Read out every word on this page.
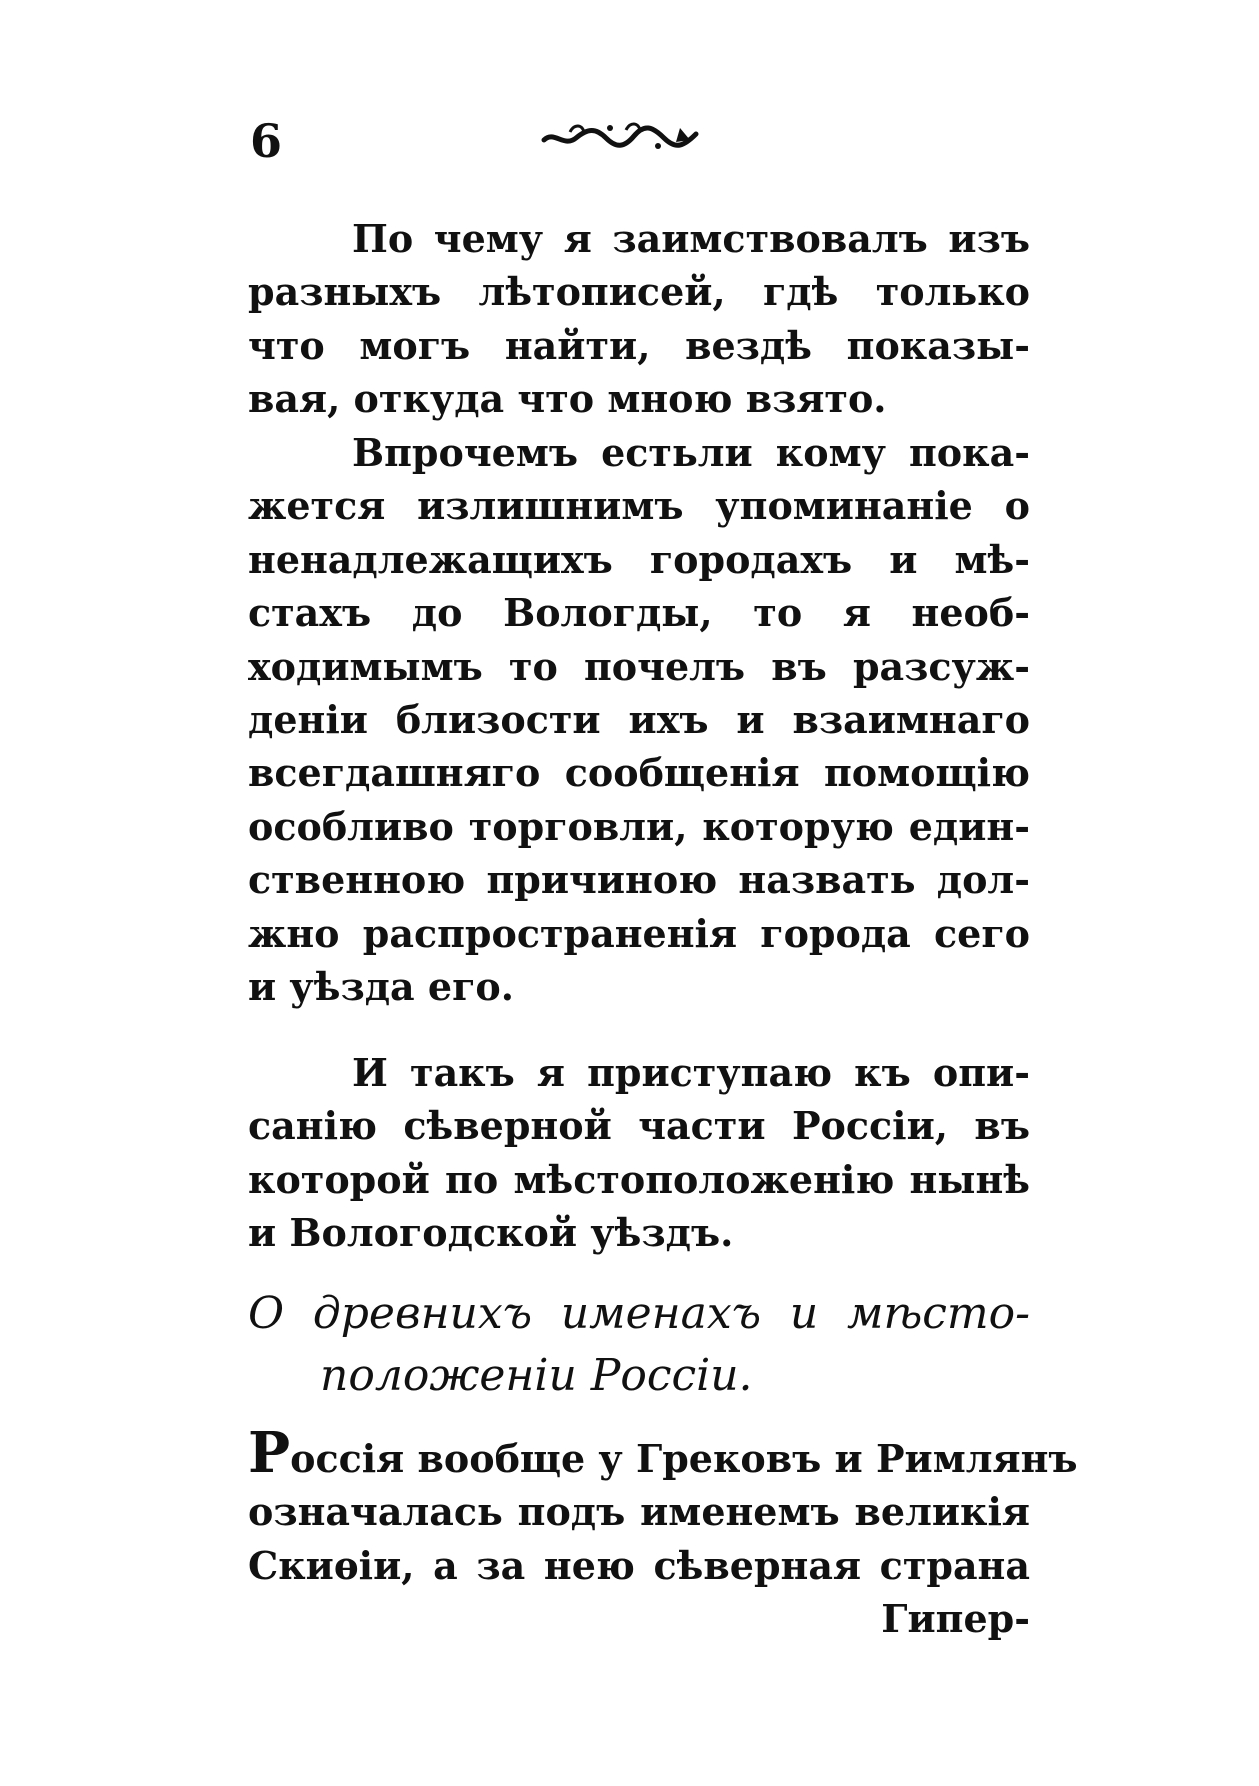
6
По чему я заимствовалъ изъ
разныхъ лѣтописей, гдѣ только
что могъ найти, вездѣ показы-
вая, откуда что мною взято.
Впрочемъ естьли кому пока-
жется излишнимъ упоминанiе о
ненадлежащихъ городахъ и мѣ-
стахъ до Вологды, то я необ-
ходимымъ то почелъ въ разсуж-
денiи близости ихъ и взаимнаго
всегдашняго сообщенiя помощiю
особливо торговли, которую един-
ственною причиною назвать дол-
жно распространенiя города сего
и уѣзда его.
И такъ я приступаю къ опи-
санiю сѣверной части Россiи, въ
которой по мѣстоположенiю нынѣ
и Вологодской уѣздъ.
О древнихъ именахъ и мѣсто-
положенiи Россiи.
Россiя вообще у Грековъ и Римлянъ
означалась подъ именемъ великiя
Скиѳiи, а за нею сѣверная страна
Гипер-
